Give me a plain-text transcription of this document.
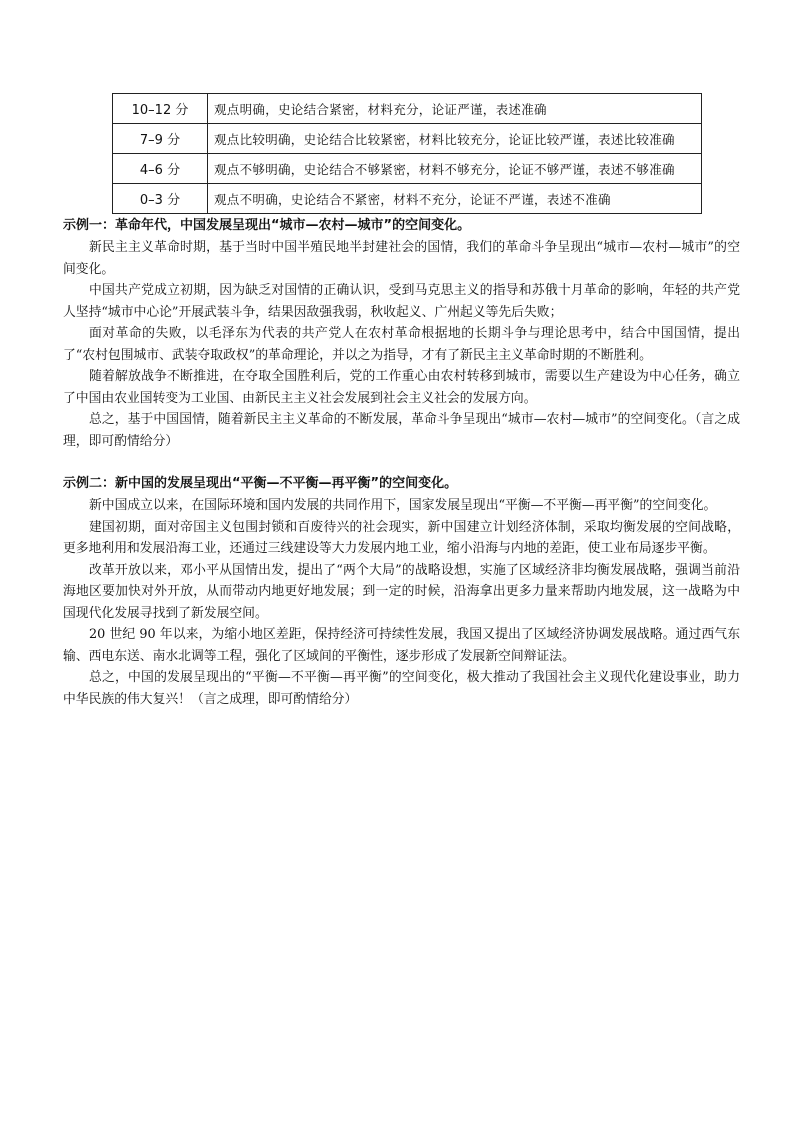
10–12 分	观点明确，史论结合紧密，材料充分，论证严谨，表述准确
7–9 分	观点比较明确，史论结合比较紧密，材料比较充分，论证比较严谨，表述比较准确
4–6 分	观点不够明确，史论结合不够紧密，材料不够充分，论证不够严谨，表述不够准确
0–3 分	观点不明确，史论结合不紧密，材料不充分，论证不严谨，表述不准确
示例一：革命年代，中国发展呈现出“城市—农村—城市”的空间变化。

新民主主义革命时期，基于当时中国半殖民地半封建社会的国情，我们的革命斗争呈现出“城市—农村—城市”的空间变化。

中国共产党成立初期，因为缺乏对国情的正确认识，受到马克思主义的指导和苏俄十月革命的影响，年轻的共产党人坚持“城市中心论”开展武装斗争，结果因敌强我弱，秋收起义、广州起义等先后失败；

面对革命的失败，以毛泽东为代表的共产党人在农村革命根据地的长期斗争与理论思考中，结合中国国情，提出了“农村包围城市、武装夺取政权”的革命理论，并以之为指导，才有了新民主主义革命时期的不断胜利。

随着解放战争不断推进，在夺取全国胜利后，党的工作重心由农村转移到城市，需要以生产建设为中心任务，确立了中国由农业国转变为工业国、由新民主主义社会发展到社会主义社会的发展方向。

总之，基于中国国情，随着新民主主义革命的不断发展，革命斗争呈现出“城市—农村—城市”的空间变化。（言之成理，即可酌情给分）

示例二：新中国的发展呈现出“平衡—不平衡—再平衡”的空间变化。

新中国成立以来，在国际环境和国内发展的共同作用下，国家发展呈现出“平衡—不平衡—再平衡”的空间变化。

建国初期，面对帝国主义包围封锁和百废待兴的社会现实，新中国建立计划经济体制，采取均衡发展的空间战略，更多地利用和发展沿海工业，还通过三线建设等大力发展内地工业，缩小沿海与内地的差距，使工业布局逐步平衡。

改革开放以来，邓小平从国情出发，提出了“两个大局”的战略设想，实施了区域经济非均衡发展战略，强调当前沿海地区要加快对外开放，从而带动内地更好地发展；到一定的时候，沿海拿出更多力量来帮助内地发展，这一战略为中国现代化发展寻找到了新发展空间。

20 世纪 90 年以来，为缩小地区差距，保持经济可持续性发展，我国又提出了区域经济协调发展战略。通过西气东输、西电东送、南水北调等工程，强化了区域间的平衡性，逐步形成了发展新空间辩证法。

总之，中国的发展呈现出的“平衡—不平衡—再平衡”的空间变化，极大推动了我国社会主义现代化建设事业，助力中华民族的伟大复兴！（言之成理，即可酌情给分）
